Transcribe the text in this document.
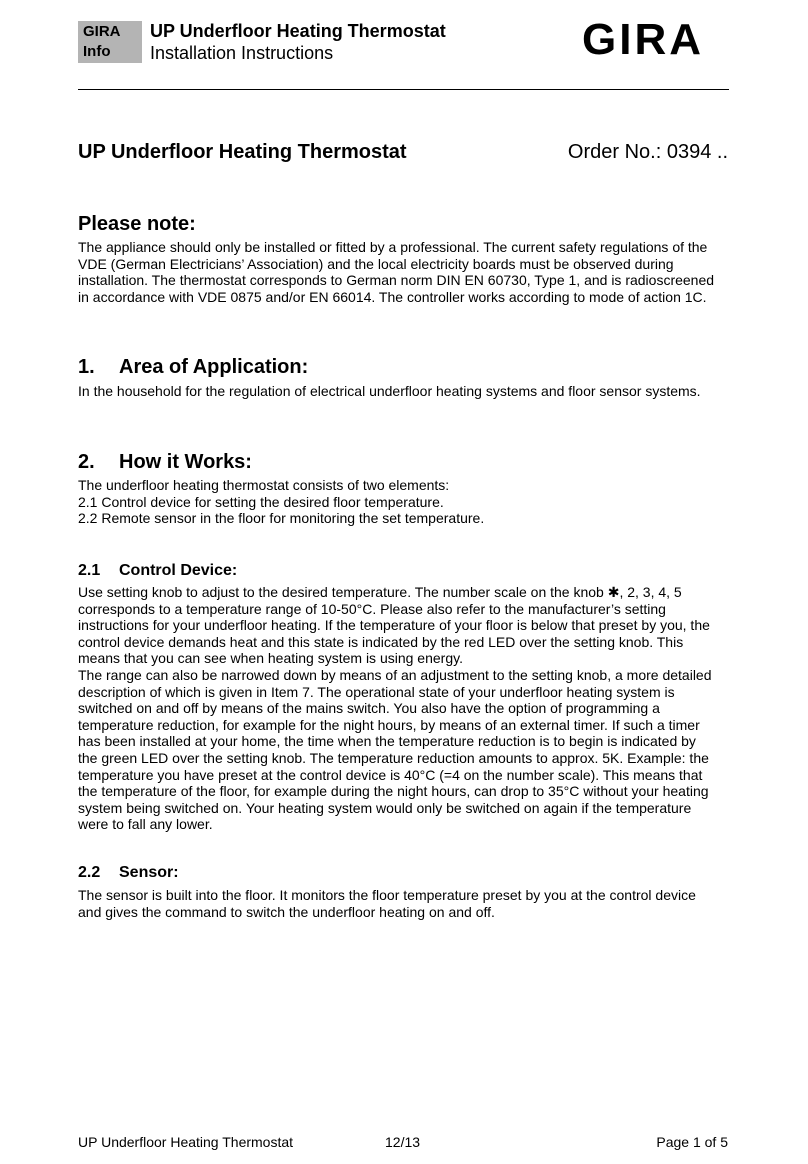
GIRA
Info
UP Underfloor Heating Thermostat
Installation Instructions	GIRA
UP Underfloor Heating Thermostat	Order No.: 0394 ..
Please note:
The appliance should only be installed or fitted by a professional. The current safety regulations of the
VDE (German Electricians’ Association) and the local electricity boards must be observed during
installation. The thermostat corresponds to German norm DIN EN 60730, Type 1, and is radioscreened
in accordance with VDE 0875 and/or EN 66014. The controller works according to mode of action 1C.
1. Area of Application:
In the household for the regulation of electrical underfloor heating systems and floor sensor systems.
2. How it Works:
The underfloor heating thermostat consists of two elements:
2.1 Control device for setting the desired floor temperature.
2.2 Remote sensor in the floor for monitoring the set temperature.
2.1 Control Device:
Use setting knob to adjust to the desired temperature. The number scale on the knob ✱, 2, 3, 4, 5
corresponds to a temperature range of 10-50°C. Please also refer to the manufacturer’s setting
instructions for your underfloor heating. If the temperature of your floor is below that preset by you, the
control device demands heat and this state is indicated by the red LED over the setting knob. This
means that you can see when heating system is using energy.
The range can also be narrowed down by means of an adjustment to the setting knob, a more detailed
description of which is given in Item 7. The operational state of your underfloor heating system is
switched on and off by means of the mains switch. You also have the option of programming a
temperature reduction, for example for the night hours, by means of an external timer. If such a timer
has been installed at your home, the time when the temperature reduction is to begin is indicated by
the green LED over the setting knob. The temperature reduction amounts to approx. 5K. Example: the
temperature you have preset at the control device is 40°C (=4 on the number scale). This means that
the temperature of the floor, for example during the night hours, can drop to 35°C without your heating
system being switched on. Your heating system would only be switched on again if the temperature
were to fall any lower.
2.2 Sensor:
The sensor is built into the floor. It monitors the floor temperature preset by you at the control device
and gives the command to switch the underfloor heating on and off.
UP Underfloor Heating Thermostat	12/13	Page 1 of 5
